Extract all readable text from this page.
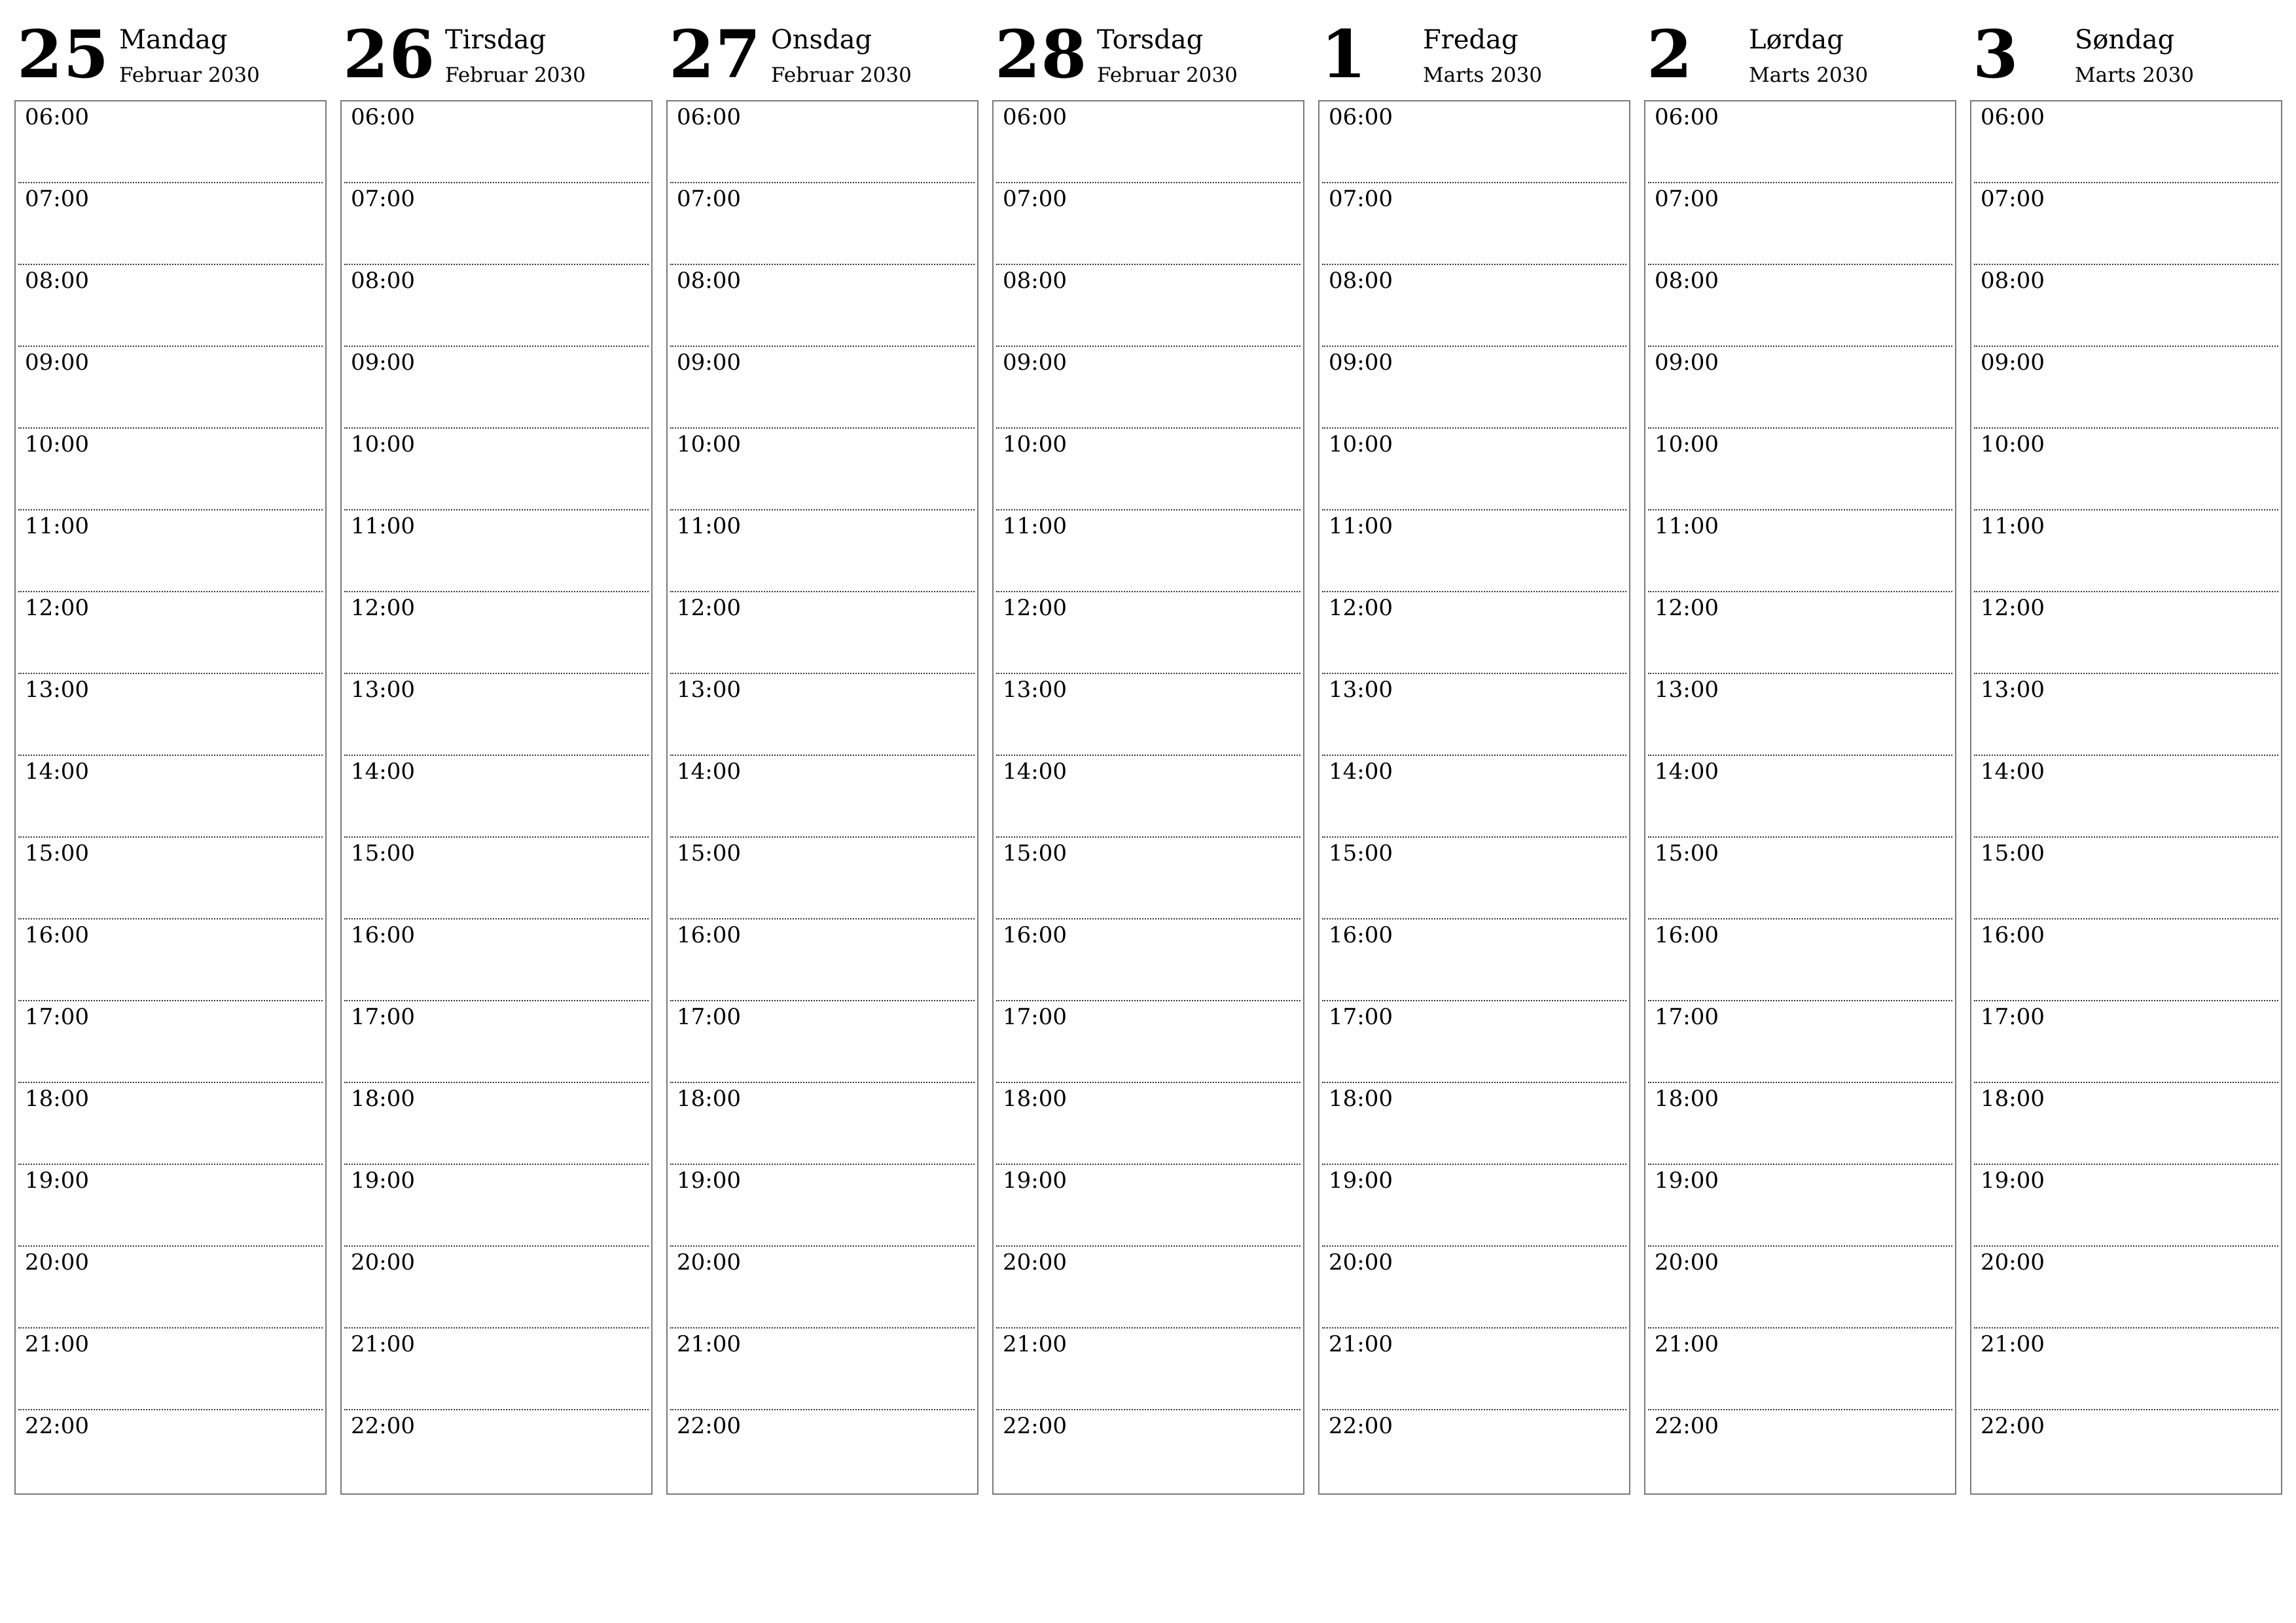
25 Mandag
Februar 2030
06:00
07:00
08:00
09:00
10:00
11:00
12:00
13:00
14:00
15:00
16:00
17:00
18:00
19:00
20:00
21:00
22:00
26 Tirsdag
Februar 2030
06:00
07:00
08:00
09:00
10:00
11:00
12:00
13:00
14:00
15:00
16:00
17:00
18:00
19:00
20:00
21:00
22:00
27 Onsdag
Februar 2030
06:00
07:00
08:00
09:00
10:00
11:00
12:00
13:00
14:00
15:00
16:00
17:00
18:00
19:00
20:00
21:00
22:00
28 Torsdag
Februar 2030
06:00
07:00
08:00
09:00
10:00
11:00
12:00
13:00
14:00
15:00
16:00
17:00
18:00
19:00
20:00
21:00
22:00
1 Fredag
Marts 2030
06:00
07:00
08:00
09:00
10:00
11:00
12:00
13:00
14:00
15:00
16:00
17:00
18:00
19:00
20:00
21:00
22:00
2 Lørdag
Marts 2030
06:00
07:00
08:00
09:00
10:00
11:00
12:00
13:00
14:00
15:00
16:00
17:00
18:00
19:00
20:00
21:00
22:00
3 Søndag
Marts 2030
06:00
07:00
08:00
09:00
10:00
11:00
12:00
13:00
14:00
15:00
16:00
17:00
18:00
19:00
20:00
21:00
22:00
